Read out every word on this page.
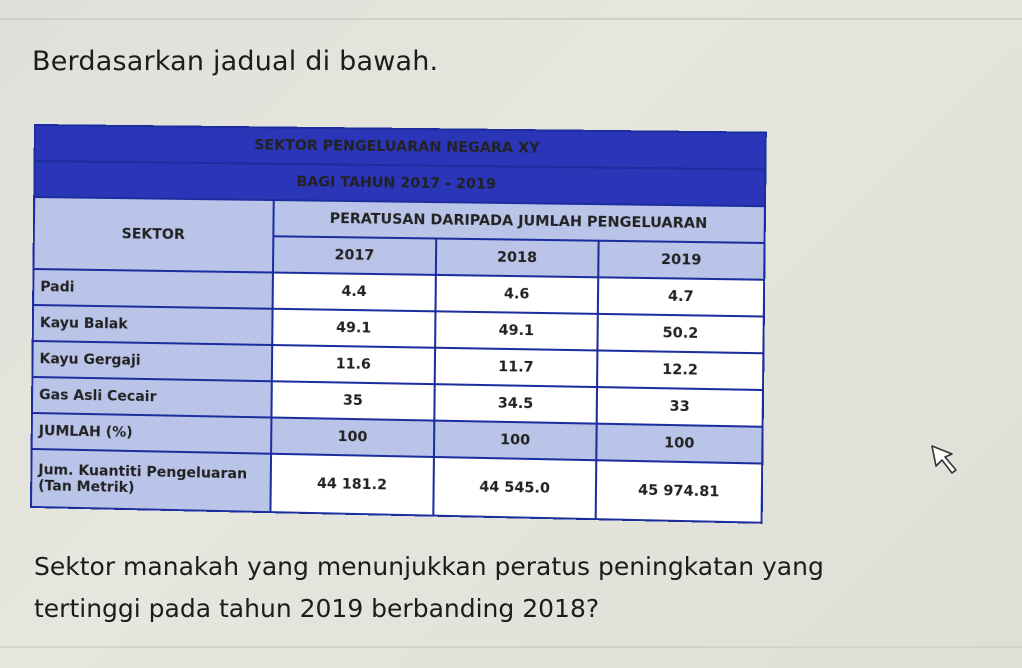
Berdasarkan jadual di bawah.
SEKTOR PENGELUARAN NEGARA XY			
BAGI TAHUN 2017 - 2019			
SEKTOR	PERATUSAN DARIPADA JUMLAH PENGELUARAN		
	2017	2018	2019
Padi	4.4	4.6	4.7
Kayu Balak	49.1	49.1	50.2
Kayu Gergaji	11.6	11.7	12.2
Gas Asli Cecair	35	34.5	33
JUMLAH (%)	100	100	100

Jum. Kuantiti Pengeluaran
(Tan Metrik)	44 181.2	44 545.0	45 974.81
Sektor manakah yang menunjukkan peratus peningkatan yang
tertinggi pada tahun 2019 berbanding 2018?
